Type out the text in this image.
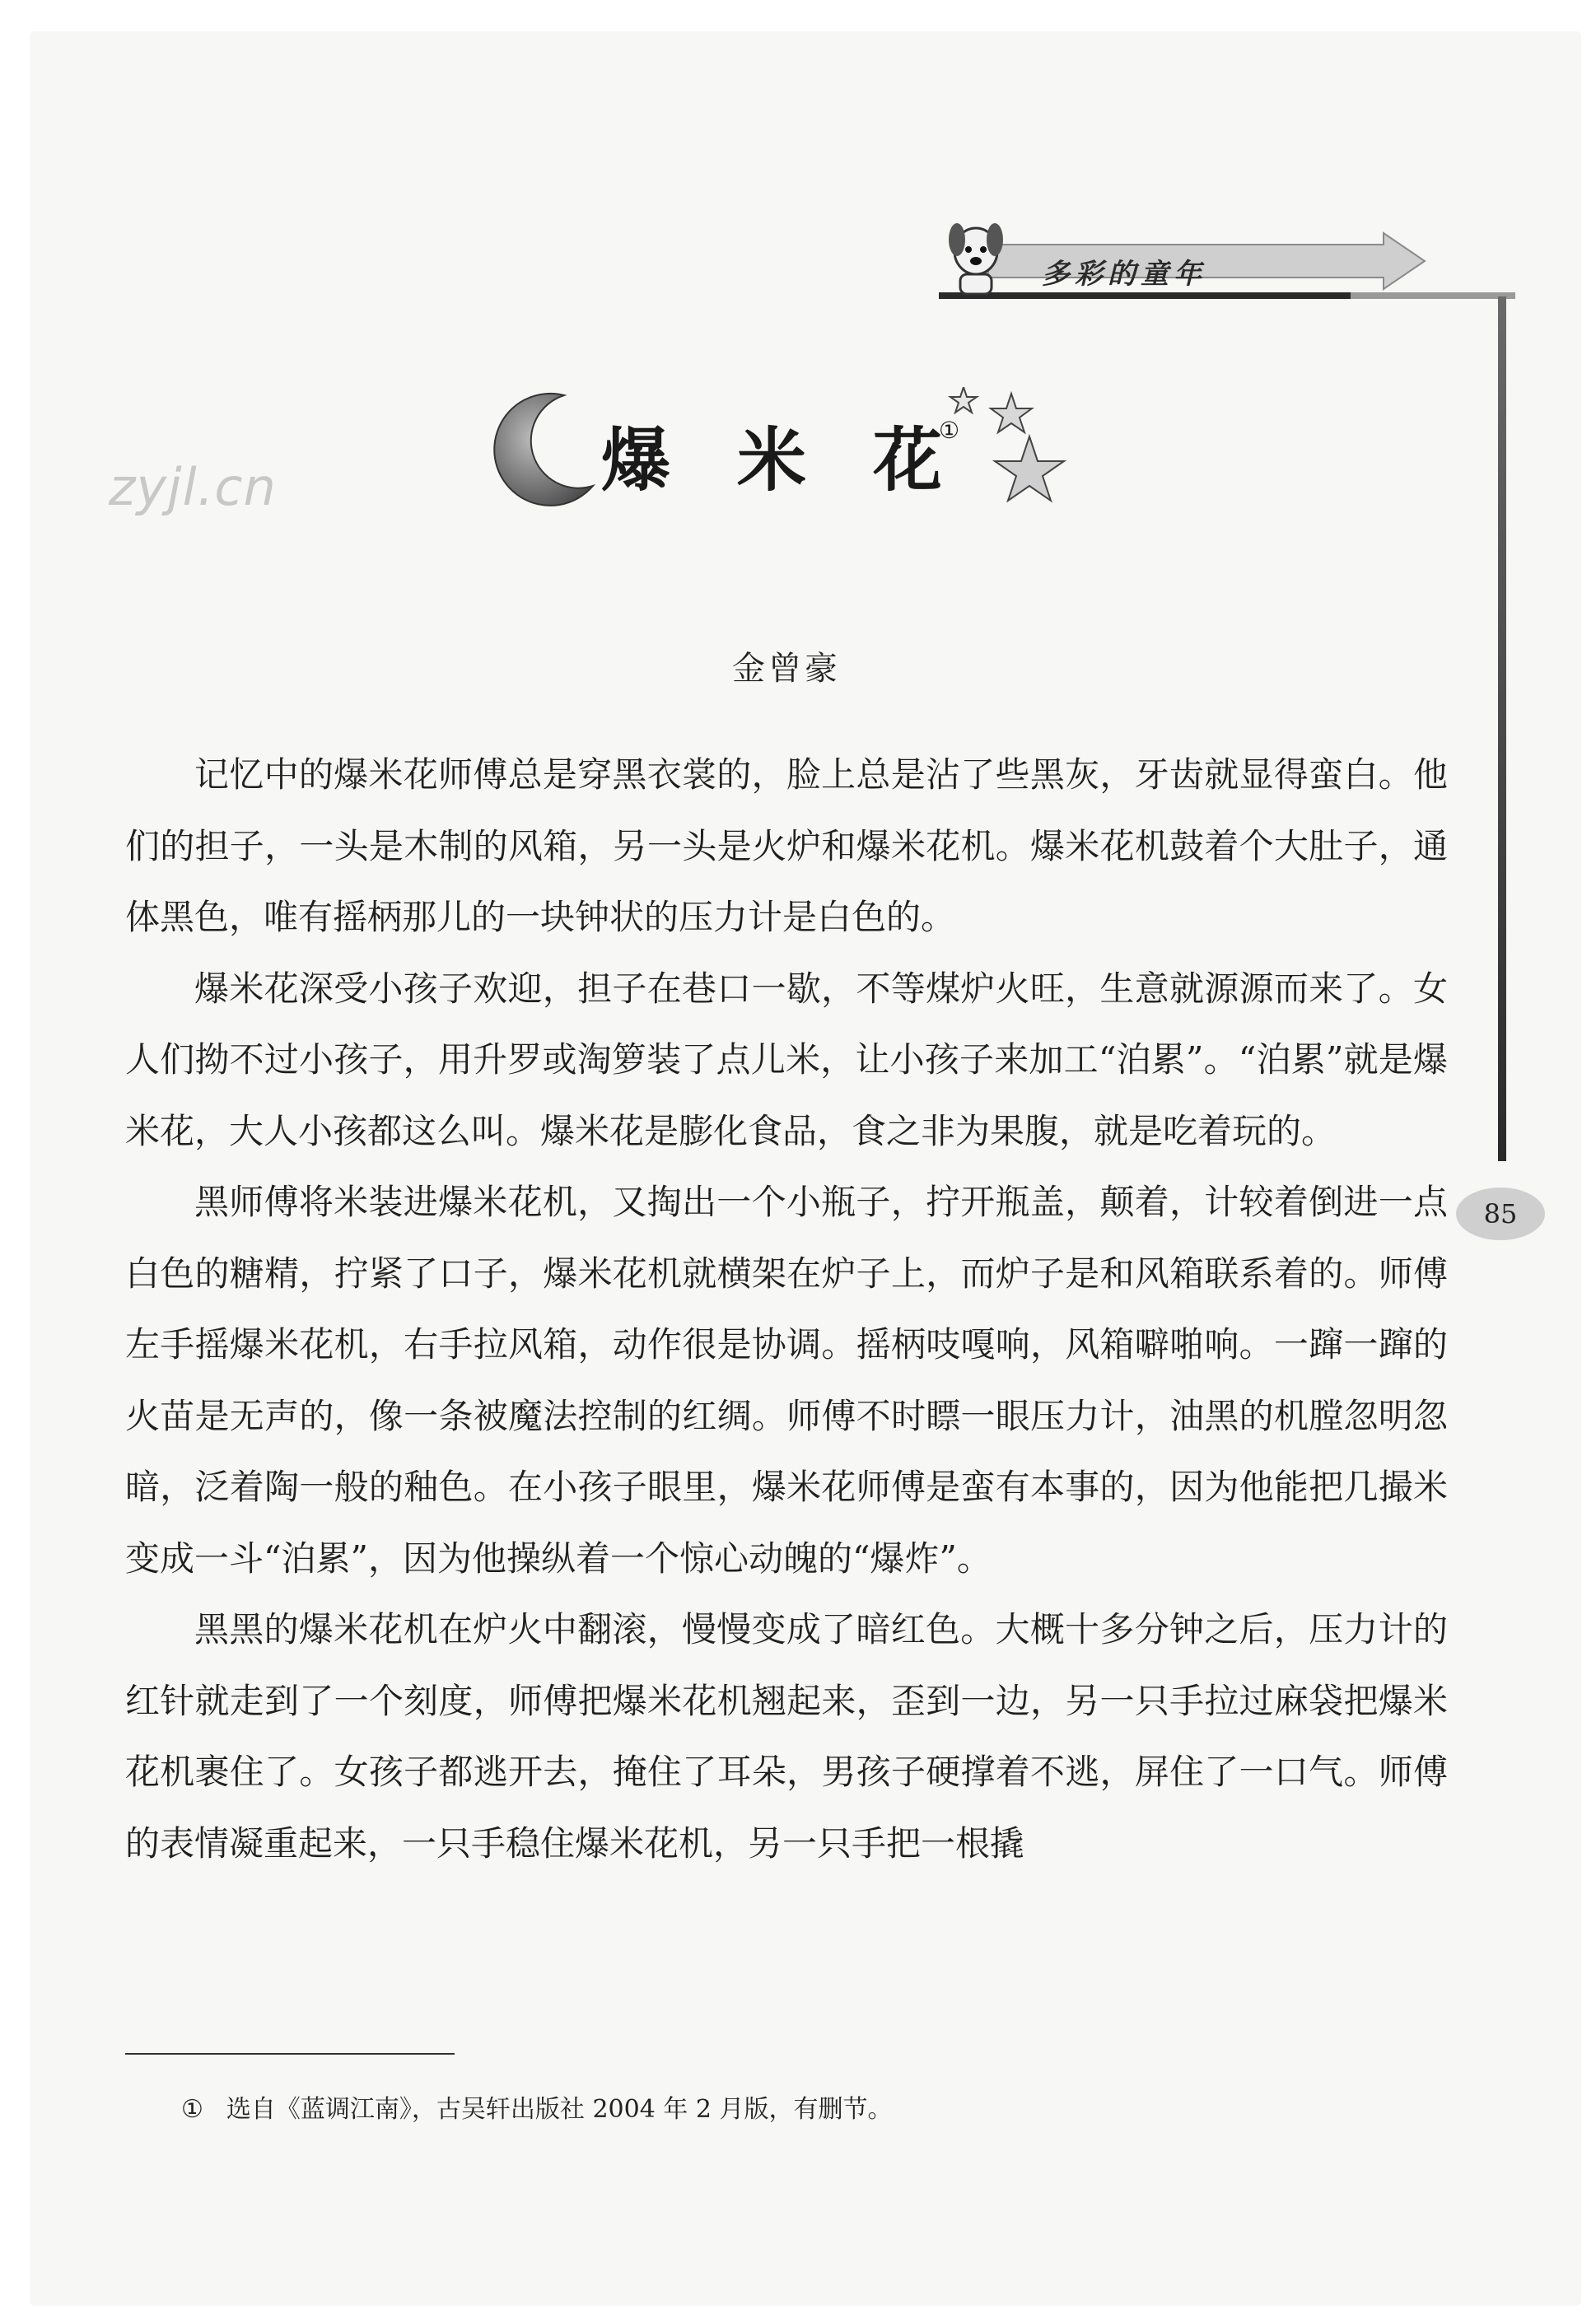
多彩的童年
85
爆 米 花
①
zyjl.cn
金曾豪

记忆中的爆米花师傅总是穿黑衣裳的，脸上总是沾了些黑灰，牙齿就显得蛮白。他们的担子，一头是木制的风箱，另一头是火炉和爆米花机。爆米花机鼓着个大肚子，通体黑色，唯有摇柄那儿的一块钟状的压力计是白色的。

爆米花深受小孩子欢迎，担子在巷口一歇，不等煤炉火旺，生意就源源而来了。女人们拗不过小孩子，用升罗或淘箩装了点儿米，让小孩子来加工“泊累”。“泊累”就是爆米花，大人小孩都这么叫。爆米花是膨化食品，食之非为果腹，就是吃着玩的。

黑师傅将米装进爆米花机，又掏出一个小瓶子，拧开瓶盖，颠着，计较着倒进一点白色的糖精，拧紧了口子，爆米花机就横架在炉子上，而炉子是和风箱联系着的。师傅左手摇爆米花机，右手拉风箱，动作很是协调。摇柄吱嘎响，风箱噼啪响。一蹿一蹿的火苗是无声的，像一条被魔法控制的红绸。师傅不时瞟一眼压力计，油黑的机膛忽明忽暗，泛着陶一般的釉色。在小孩子眼里，爆米花师傅是蛮有本事的，因为他能把几撮米变成一斗“泊累”，因为他操纵着一个惊心动魄的“爆炸”。

黑黑的爆米花机在炉火中翻滚，慢慢变成了暗红色。大概十多分钟之后，压力计的红针就走到了一个刻度，师傅把爆米花机翘起来，歪到一边，另一只手拉过麻袋把爆米花机裹住了。女孩子都逃开去，掩住了耳朵，男孩子硬撑着不逃，屏住了一口气。师傅的表情凝重起来，一只手稳住爆米花机，另一只手把一根撬

① 选自《蓝调江南》，古吴轩出版社 2004 年 2 月版，有删节。
